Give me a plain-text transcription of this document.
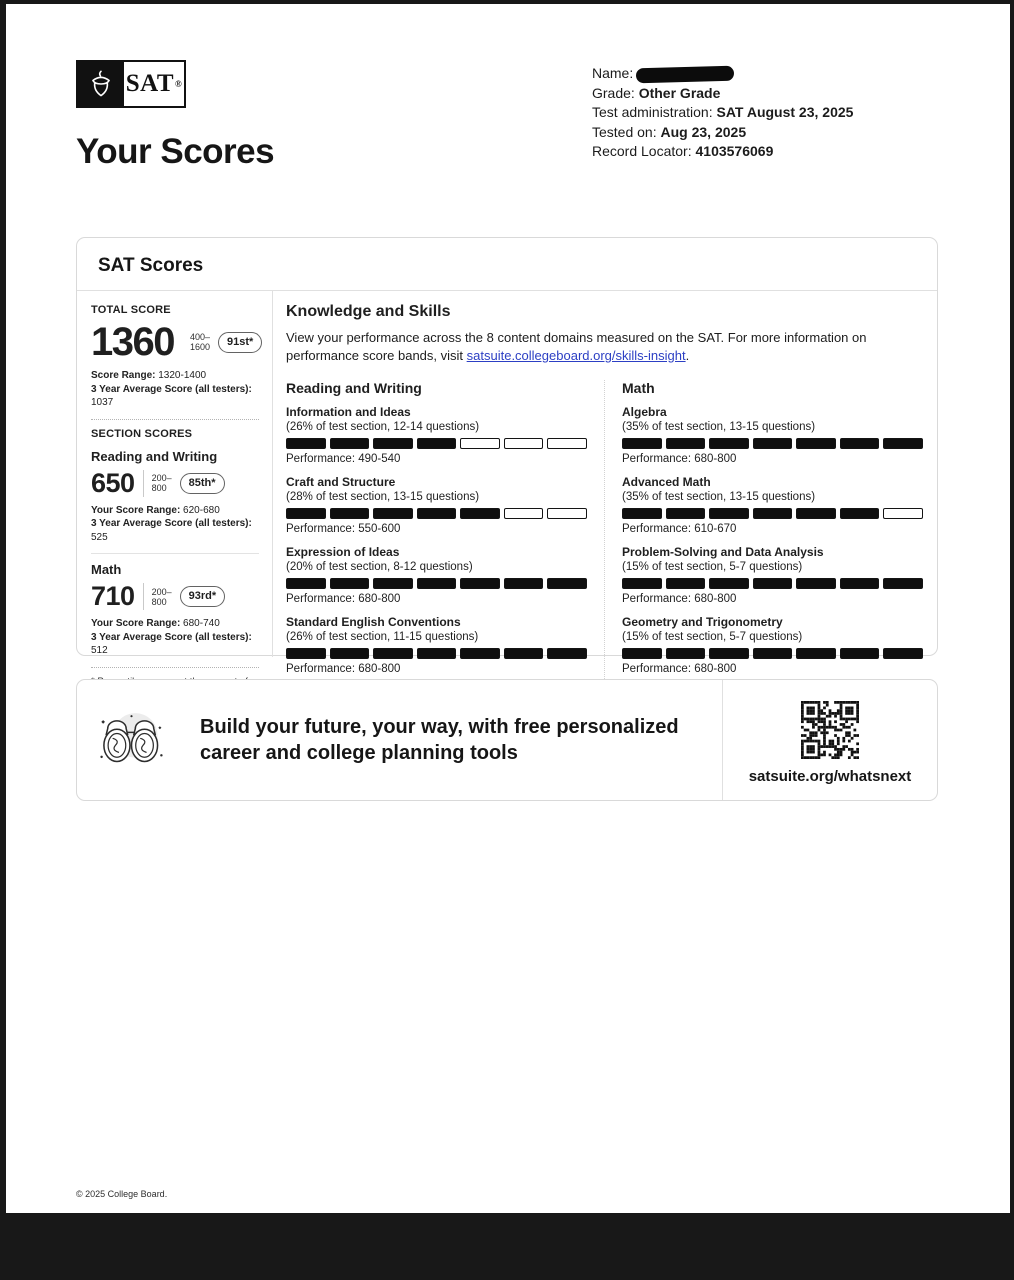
SAT ®
Your Scores
Name:
Grade: Other Grade
Test administration: SAT August 23, 2025
Tested on: Aug 23, 2025
Record Locator: 4103576069
SAT Scores
TOTAL SCORE
1360 400–
1600	91st*
Score Range: 1320-1400
3 Year Average Score (all testers): 1037
SECTION SCORES
Reading and Writing
650 200–
800	85th*
Your Score Range: 620-680
3 Year Average Score (all testers): 525
Math
710 200–
800	93rd*
Your Score Range: 680-740
3 Year Average Score (all testers): 512
Knowledge and Skills
View your performance across the 8 content domains measured on the SAT. For more information on performance score bands, visit satsuite.collegeboard.org/skills-insight.
Reading and Writing
Information and Ideas
(26% of test section, 12-14 questions)
Performance: 490-540
Craft and Structure
(28% of test section, 13-15 questions)
Performance: 550-600
Expression of Ideas
(20% of test section, 8-12 questions)
Performance: 680-800
Standard English Conventions
(26% of test section, 11-15 questions)
Performance: 680-800
Math
Algebra
(35% of test section, 13-15 questions)
Performance: 680-800
Advanced Math
(35% of test section, 13-15 questions)
Performance: 610-670
Problem-Solving and Data Analysis
(15% of test section, 5-7 questions)
Performance: 680-800
Geometry and Trigonometry
(15% of test section, 5-7 questions)
Performance: 680-800
Build your future, your way, with free personalized career and college planning tools
satsuite.org/whatsnext
© 2025 College Board.
